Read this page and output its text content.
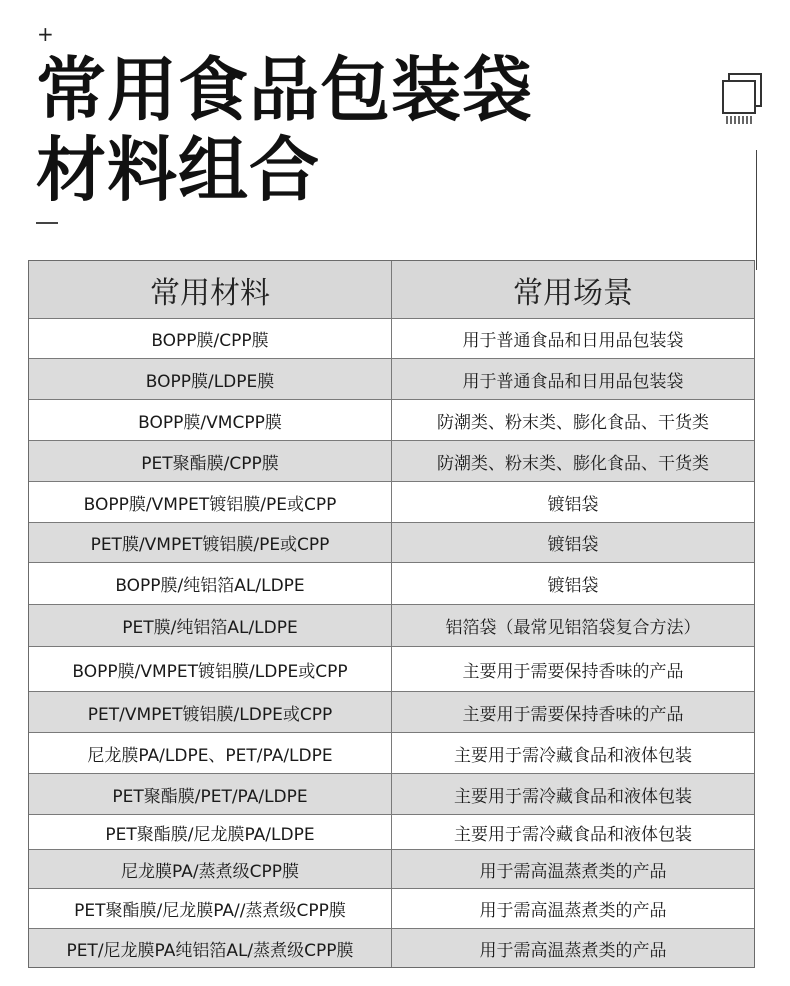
+
常用食品包装袋
材料组合
常用材料	常用场景
BOPP膜/CPP膜	用于普通食品和日用品包装袋
BOPP膜/LDPE膜	用于普通食品和日用品包装袋
BOPP膜/VMCPP膜	防潮类、粉末类、膨化食品、干货类
PET聚酯膜/CPP膜	防潮类、粉末类、膨化食品、干货类
BOPP膜/VMPET镀铝膜/PE或CPP	镀铝袋
PET膜/VMPET镀铝膜/PE或CPP	镀铝袋
BOPP膜/纯铝箔AL/LDPE	镀铝袋
PET膜/纯铝箔AL/LDPE	铝箔袋（最常见铝箔袋复合方法）
BOPP膜/VMPET镀铝膜/LDPE或CPP	主要用于需要保持香味的产品
PET/VMPET镀铝膜/LDPE或CPP	主要用于需要保持香味的产品
尼龙膜PA/LDPE、PET/PA/LDPE	主要用于需冷藏食品和液体包装
PET聚酯膜/PET/PA/LDPE	主要用于需冷藏食品和液体包装
PET聚酯膜/尼龙膜PA/LDPE	主要用于需冷藏食品和液体包装
尼龙膜PA/蒸煮级CPP膜	用于需高温蒸煮类的产品
PET聚酯膜/尼龙膜PA//蒸煮级CPP膜	用于需高温蒸煮类的产品
PET/尼龙膜PA纯铝箔AL/蒸煮级CPP膜	用于需高温蒸煮类的产品
